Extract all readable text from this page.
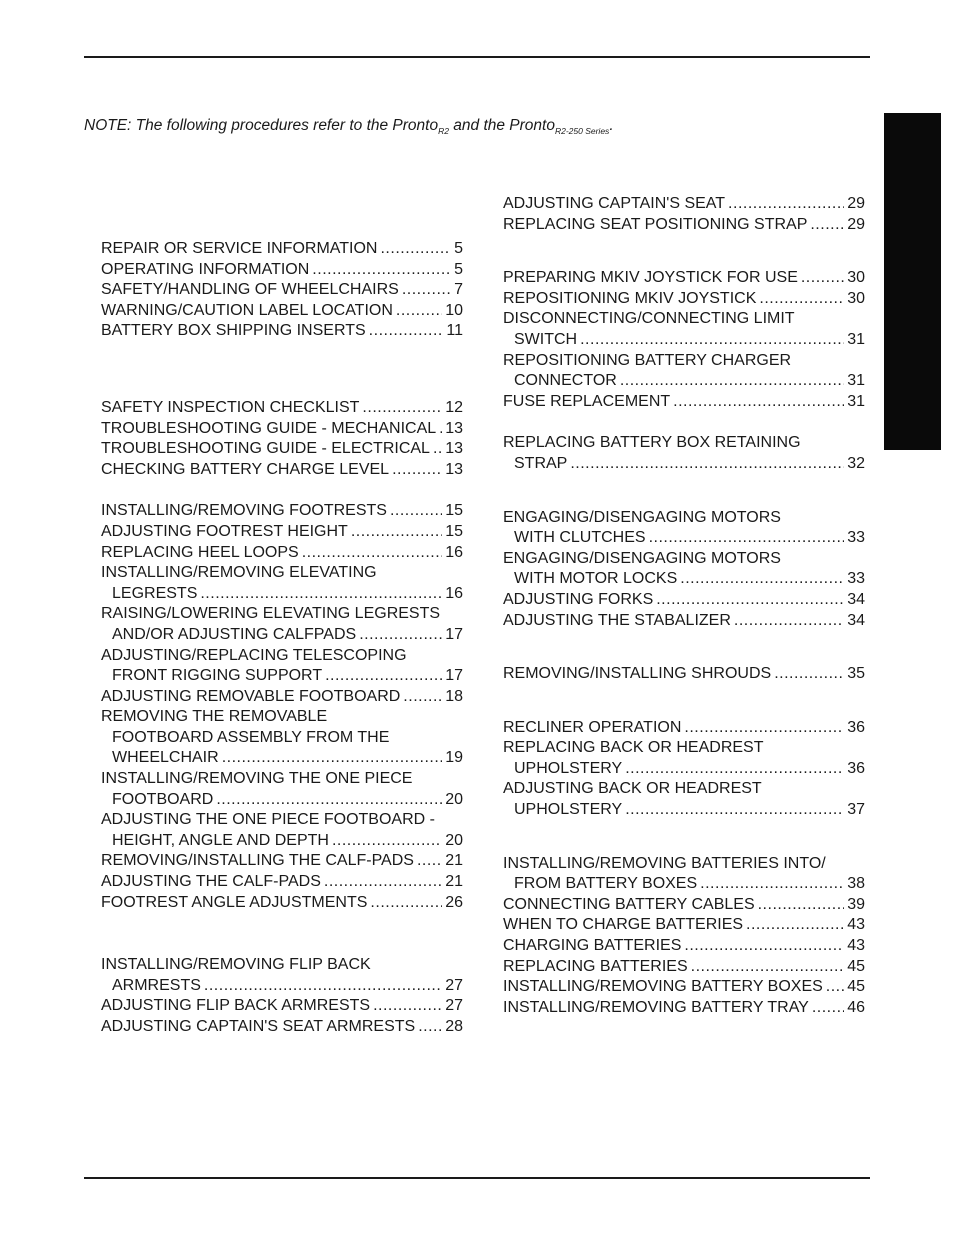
NOTE: The following procedures refer to the Pronto$_{R2}$ and the Pronto$_{R2-250 Series}$.
REPAIR OR SERVICE INFORMATION .....	5
OPERATING INFORMATION .....	5
SAFETY/HANDLING OF WHEELCHAIRS .....	7
WARNING/CAUTION LABEL LOCATION .....	10
BATTERY BOX SHIPPING INSERTS .....	11
SAFETY INSPECTION CHECKLIST .....	12
TROUBLESHOOTING GUIDE - MECHANICAL ..... 13
TROUBLESHOOTING GUIDE - ELECTRICAL ..... 13
CHECKING BATTERY CHARGE LEVEL .....	13
INSTALLING/REMOVING FOOTRESTS .....	15
ADJUSTING FOOTREST HEIGHT .....	15
REPLACING HEEL LOOPS .....	16
INSTALLING/REMOVING ELEVATING
LEGRESTS .....	16
RAISING/LOWERING ELEVATING LEGRESTS
AND/OR ADJUSTING CALFPADS .....	17
ADJUSTING/REPLACING TELESCOPING
FRONT RIGGING SUPPORT .....	17
ADJUSTING REMOVABLE FOOTBOARD .....	18
REMOVING THE REMOVABLE
FOOTBOARD ASSEMBLY FROM THE
WHEELCHAIR .....	19
INSTALLING/REMOVING THE ONE PIECE
FOOTBOARD .....	20
ADJUSTING THE ONE PIECE FOOTBOARD -
HEIGHT, ANGLE AND DEPTH .....	20
REMOVING/INSTALLING THE CALF-PADS ..... 21
ADJUSTING THE CALF-PADS .....	21
FOOTREST ANGLE ADJUSTMENTS .....	26
INSTALLING/REMOVING FLIP BACK
ARMRESTS .....	27
ADJUSTING FLIP BACK ARMRESTS .....	27
ADJUSTING CAPTAIN'S SEAT ARMRESTS ..... 28
ADJUSTING CAPTAIN'S SEAT .....	29
REPLACING SEAT POSITIONING STRAP ..... 29
PREPARING MKIV JOYSTICK FOR USE .....	30
REPOSITIONING MKIV JOYSTICK .....	30
DISCONNECTING/CONNECTING LIMIT
SWITCH .....	31
REPOSITIONING BATTERY CHARGER
CONNECTOR .....	31
FUSE REPLACEMENT .....	31
REPLACING BATTERY BOX RETAINING
STRAP .....	32
ENGAGING/DISENGAGING MOTORS
WITH CLUTCHES .....	33
ENGAGING/DISENGAGING MOTORS
WITH MOTOR LOCKS .....	33
ADJUSTING FORKS .....	34
ADJUSTING THE STABALIZER .....	34
REMOVING/INSTALLING SHROUDS .....	35
RECLINER OPERATION .....	36
REPLACING BACK OR HEADREST
UPHOLSTERY .....	36
ADJUSTING BACK OR HEADREST
UPHOLSTERY .....	37
INSTALLING/REMOVING BATTERIES INTO/
FROM BATTERY BOXES .....	38
CONNECTING BATTERY CABLES .....	39
WHEN TO CHARGE BATTERIES .....	43
CHARGING BATTERIES .....	43
REPLACING BATTERIES .....	45
INSTALLING/REMOVING BATTERY BOXES ..... 45
INSTALLING/REMOVING BATTERY TRAY ..... 46
